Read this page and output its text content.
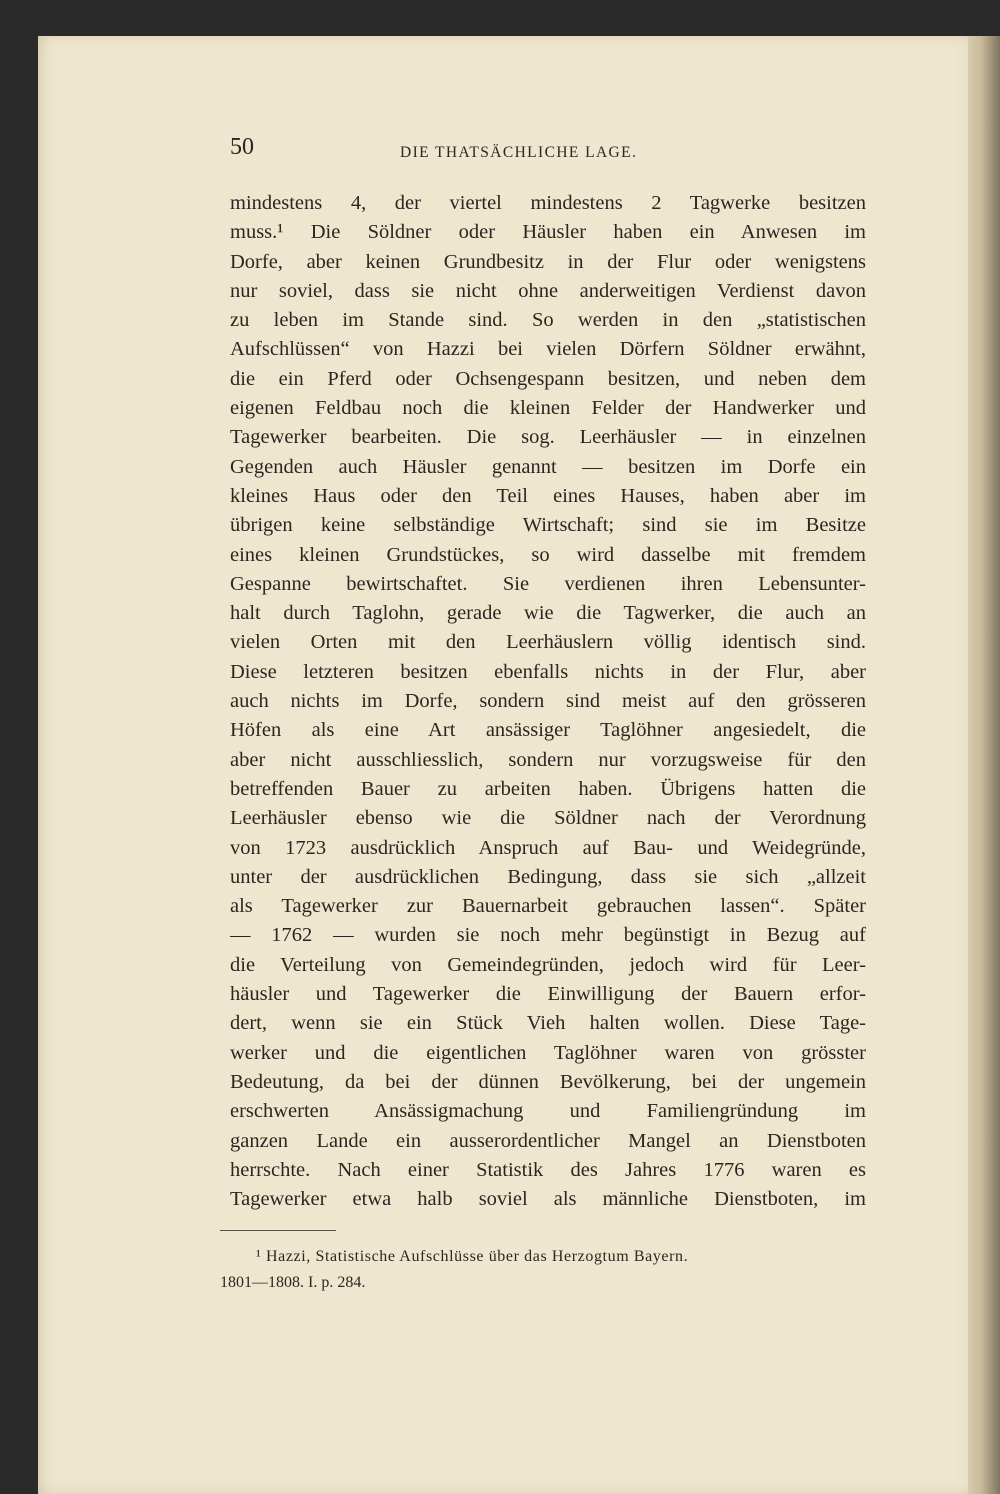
50	DIE THATSÄCHLICHE LAGE.
mindestens 4, der viertel mindestens 2 Tagwerke besitzen
muss.¹ Die Söldner oder Häusler haben ein Anwesen im
Dorfe, aber keinen Grundbesitz in der Flur oder wenigstens
nur soviel, dass sie nicht ohne anderweitigen Verdienst davon
zu leben im Stande sind. So werden in den „statistischen
Aufschlüssen“ von Hazzi bei vielen Dörfern Söldner erwähnt,
die ein Pferd oder Ochsengespann besitzen, und neben dem
eigenen Feldbau noch die kleinen Felder der Handwerker und
Tagewerker bearbeiten. Die sog. Leerhäusler — in einzelnen
Gegenden auch Häusler genannt — besitzen im Dorfe ein
kleines Haus oder den Teil eines Hauses, haben aber im
übrigen keine selbständige Wirtschaft; sind sie im Besitze
eines kleinen Grundstückes, so wird dasselbe mit fremdem
Gespanne bewirtschaftet. Sie verdienen ihren Lebensunter-
halt durch Taglohn, gerade wie die Tagwerker, die auch an
vielen Orten mit den Leerhäuslern völlig identisch sind.
Diese letzteren besitzen ebenfalls nichts in der Flur, aber
auch nichts im Dorfe, sondern sind meist auf den grösseren
Höfen als eine Art ansässiger Taglöhner angesiedelt, die
aber nicht ausschliesslich, sondern nur vorzugsweise für den
betreffenden Bauer zu arbeiten haben. Übrigens hatten die
Leerhäusler ebenso wie die Söldner nach der Verordnung
von 1723 ausdrücklich Anspruch auf Bau- und Weidegründe,
unter der ausdrücklichen Bedingung, dass sie sich „allzeit
als Tagewerker zur Bauernarbeit gebrauchen lassen“. Später
— 1762 — wurden sie noch mehr begünstigt in Bezug auf
die Verteilung von Gemeindegründen, jedoch wird für Leer-
häusler und Tagewerker die Einwilligung der Bauern erfor-
dert, wenn sie ein Stück Vieh halten wollen. Diese Tage-
werker und die eigentlichen Taglöhner waren von grösster
Bedeutung, da bei der dünnen Bevölkerung, bei der ungemein
erschwerten Ansässigmachung und Familiengründung im
ganzen Lande ein ausserordentlicher Mangel an Dienstboten
herrschte. Nach einer Statistik des Jahres 1776 waren es
Tagewerker etwa halb soviel als männliche Dienstboten, im
¹ Hazzi, Statistische Aufschlüsse über das Herzogtum Bayern.
1801—1808. I. p. 284.
